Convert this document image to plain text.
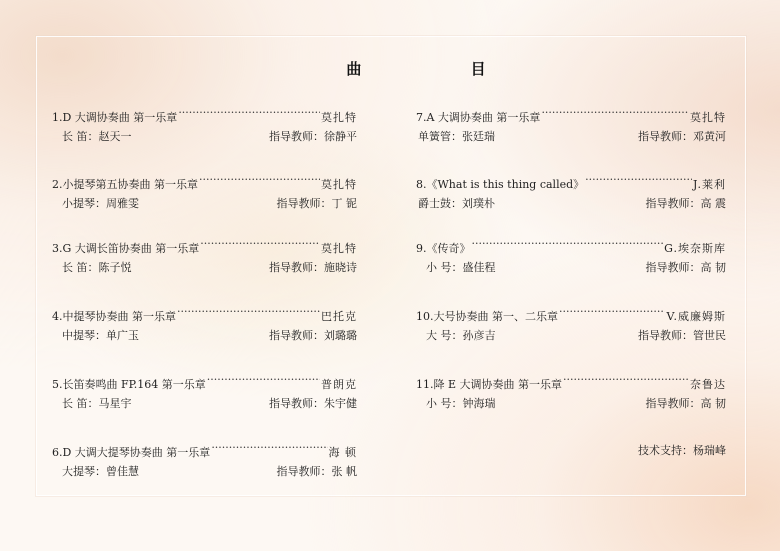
曲 目
1.D 大调协奏曲 第一乐章 ·····	莫扎特
长 笛：赵天一	指导教师：徐静平
2.小提琴第五协奏曲 第一乐章 ·····	莫扎特
小提琴：周雅雯	指导教师：丁 铌
3.G 大调长笛协奏曲 第一乐章 ·····	莫扎特
长 笛：陈子悦	指导教师：施晓诗
4.中提琴协奏曲 第一乐章 ·····	巴托克
中提琴：单广玉	指导教师：刘璐璐
5.长笛奏鸣曲 FP.164 第一乐章 ·····	普朗克
长 笛：马星宇	指导教师：朱宇健
6.D 大调大提琴协奏曲 第一乐章 ·····	海 顿
大提琴：曾佳慧	指导教师：张 帆
7.A 大调协奏曲 第一乐章 ·····	莫扎特
单簧管：张廷瑞	指导教师：邓黄河
8.《What is this thing called》 ·····	J.莱利
爵士鼓：刘璞朴	指导教师：高 震
9.《传奇》 ·····	G.埃奈斯库
小 号：盛佳程	指导教师：高 韧
10.大号协奏曲 第一、二乐章 ·····	V.威廉姆斯
大 号：孙彦吉	指导教师：管世民
11.降 E 大调协奏曲 第一乐章 ·····	奈鲁达
小 号：钟海瑞	指导教师：高 韧
技术支持：杨瑞峰
